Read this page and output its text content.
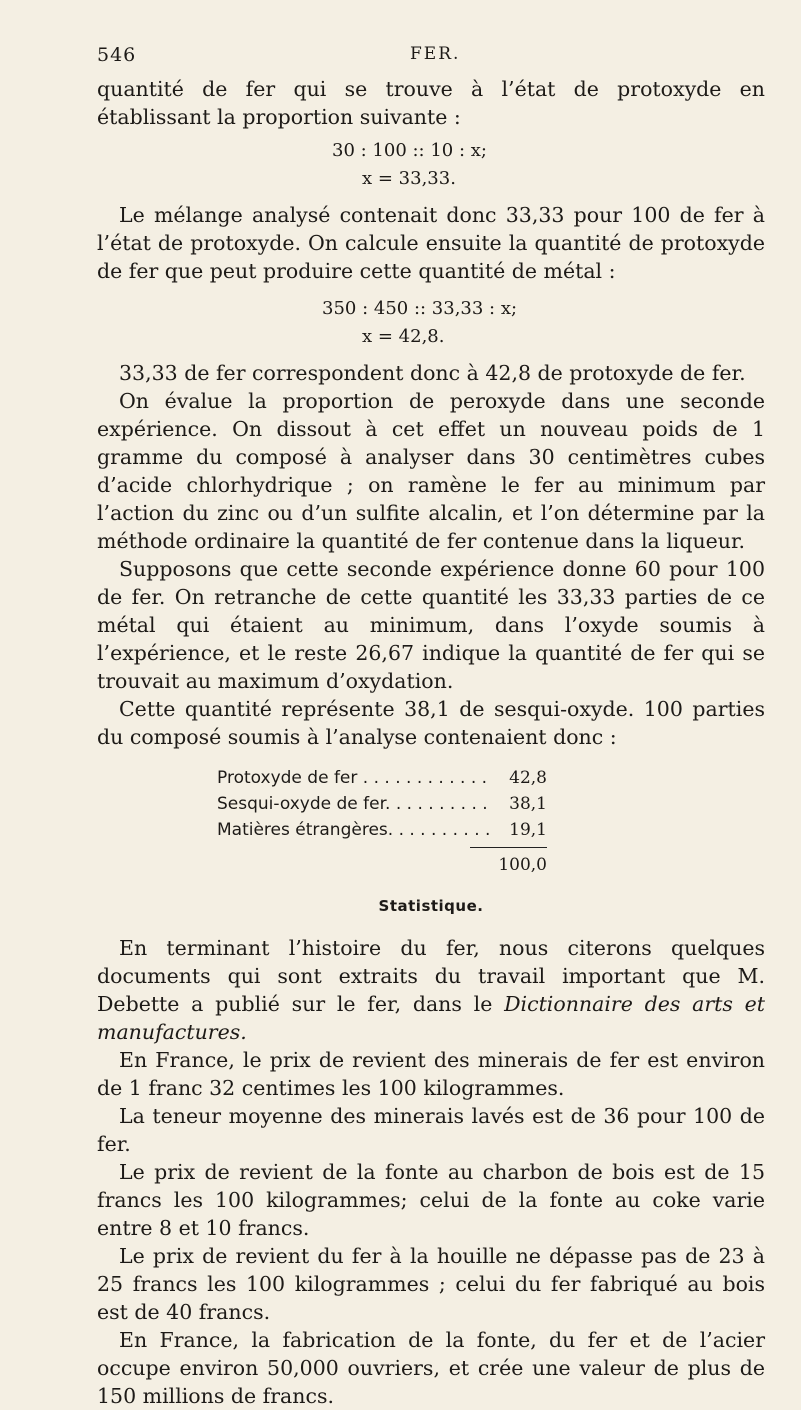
546	FER.

quantité de fer qui se trouve à l’état de protoxyde en établissant la proportion suivante :

30 : 100 :: 10 : x;

x = 33,33.

Le mélange analysé contenait donc 33,33 pour 100 de fer à l’état de protoxyde. On calcule ensuite la quantité de protoxyde de fer que peut produire cette quantité de métal :

350 : 450 :: 33,33 : x;

x = 42,8.

33,33 de fer correspondent donc à 42,8 de protoxyde de fer.

On évalue la proportion de peroxyde dans une seconde expérience. On dissout à cet effet un nouveau poids de 1 gramme du composé à analyser dans 30 centimètres cubes d’acide chlorhydrique ; on ramène le fer au minimum par l’action du zinc ou d’un sulfite alcalin, et l’on détermine par la méthode ordinaire la quantité de fer contenue dans la liqueur.

Supposons que cette seconde expérience donne 60 pour 100 de fer. On retranche de cette quantité les 33,33 parties de ce métal qui étaient au minimum, dans l’oxyde soumis à l’expérience, et le reste 26,67 indique la quantité de fer qui se trouvait au maximum d’oxydation.

Cette quantité représente 38,1 de sesqui-oxyde. 100 parties du composé soumis à l’analyse contenaient donc :

Protoxyde de fer . . . . . . . . . . . . 42,8
Sesqui-oxyde de fer. . . . . . . . . . 38,1
Matières étrangères. . . . . . . . . . 19,1
100,0
Statistique.

En terminant l’histoire du fer, nous citerons quelques documents qui sont extraits du travail important que M. Debette a publié sur le fer, dans le Dictionnaire des arts et manufactures.

En France, le prix de revient des minerais de fer est environ de 1 franc 32 centimes les 100 kilogrammes.

La teneur moyenne des minerais lavés est de 36 pour 100 de fer.

Le prix de revient de la fonte au charbon de bois est de 15 francs les 100 kilogrammes; celui de la fonte au coke varie entre 8 et 10 francs.

Le prix de revient du fer à la houille ne dépasse pas de 23 à 25 francs les 100 kilogrammes ; celui du fer fabriqué au bois est de 40 francs.

En France, la fabrication de la fonte, du fer et de l’acier occupe environ 50,000 ouvriers, et crée une valeur de plus de 150 millions de francs.
